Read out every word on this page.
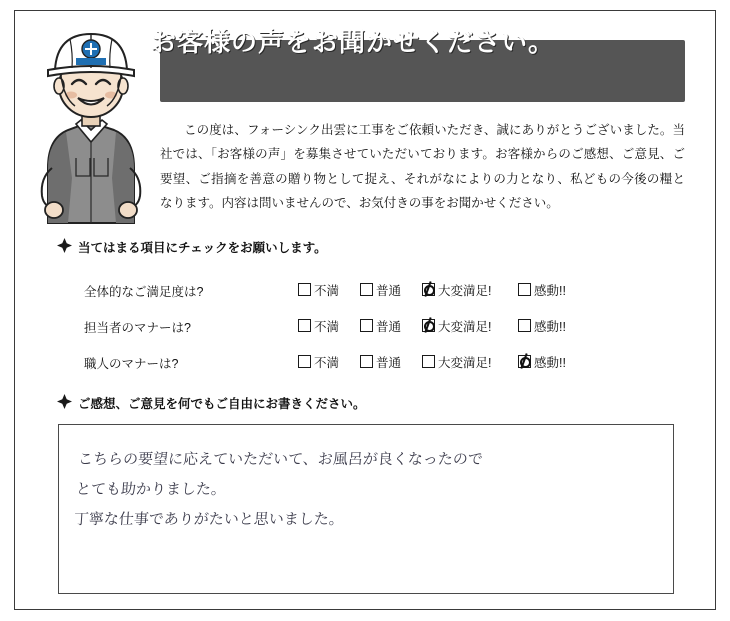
お客様の声をお聞かせください。
この度は、フォーシンク出雲に工事をご依頼いただき、誠にありがとうございました。当社では、「お客様の声」を募集させていただいております。お客様からのご感想、ご意見、ご要望、ご指摘を善意の贈り物として捉え、それがなによりの力となり、私どもの今後の糧となります。内容は問いませんので、お気付きの事をお聞かせください。
当てはまる項目にチェックをお願いします。
全体的なご満足度は?	不満	普通	大変満足!	感動!!
担当者のマナーは?	不満	普通	大変満足!	感動!!
職人のマナーは?	不満	普通	大変満足!	感動!!
ご感想、ご意見を何でもご自由にお書きください。
こちらの要望に応えていただいて、お風呂が良くなったので
とても助かりました。
丁寧な仕事でありがたいと思いました。
